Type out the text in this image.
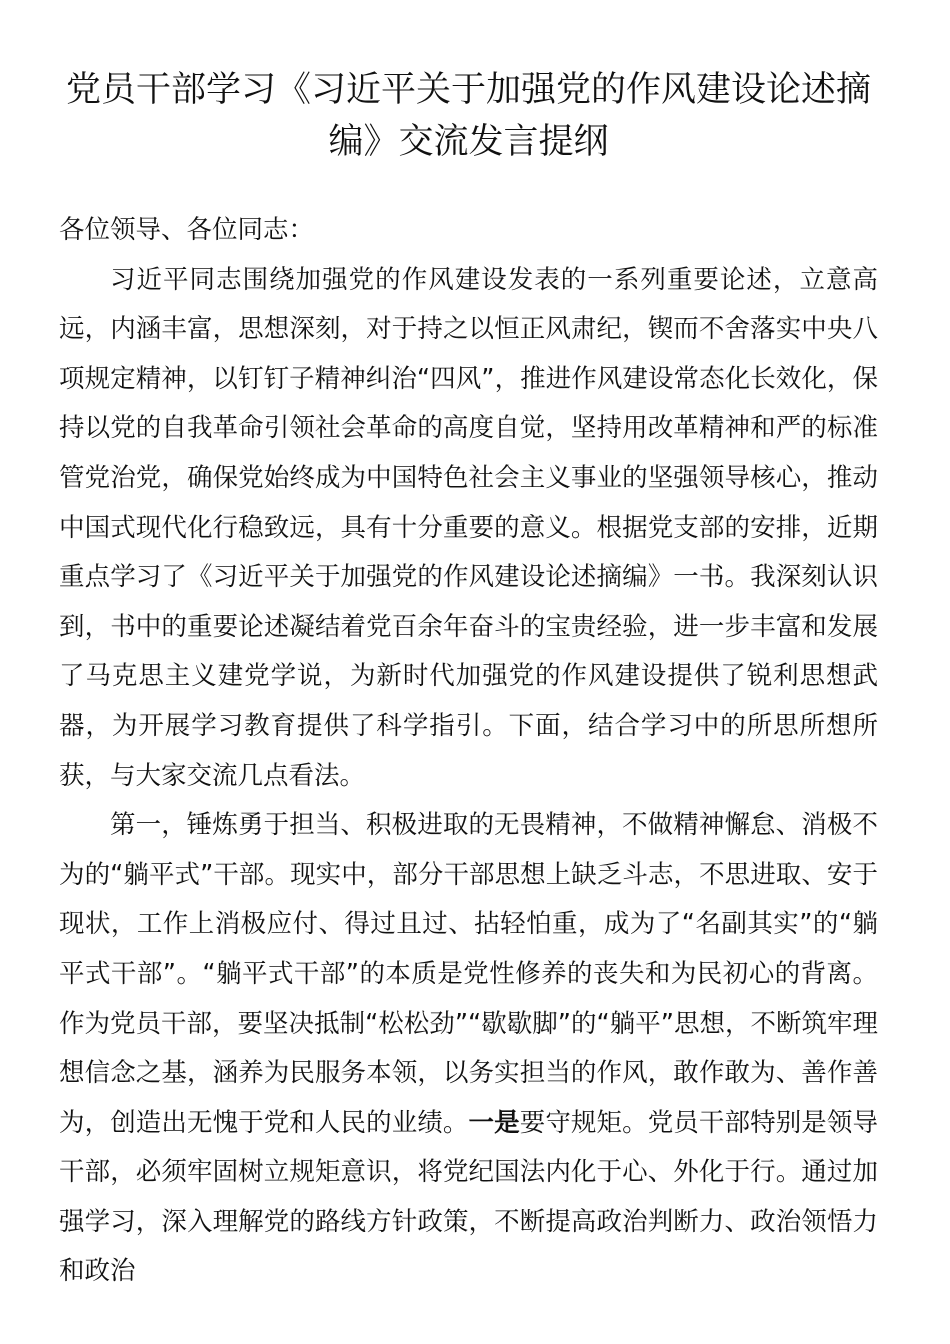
党员干部学习《习近平关于加强党的作风建设论述摘编》交流发言提纲

各位领导、各位同志：

习近平同志围绕加强党的作风建设发表的一系列重要论述，立意高远，内涵丰富，思想深刻，对于持之以恒正风肃纪，锲而不舍落实中央八项规定精神，以钉钉子精神纠治“四风”，推进作风建设常态化长效化，保持以党的自我革命引领社会革命的高度自觉，坚持用改革精神和严的标准管党治党，确保党始终成为中国特色社会主义事业的坚强领导核心，推动中国式现代化行稳致远，具有十分重要的意义。根据党支部的安排，近期重点学习了《习近平关于加强党的作风建设论述摘编》一书。我深刻认识到，书中的重要论述凝结着党百余年奋斗的宝贵经验，进一步丰富和发展了马克思主义建党学说，为新时代加强党的作风建设提供了锐利思想武器，为开展学习教育提供了科学指引。下面，结合学习中的所思所想所获，与大家交流几点看法。

第一，锤炼勇于担当、积极进取的无畏精神，不做精神懈怠、消极不为的“躺平式”干部。现实中，部分干部思想上缺乏斗志，不思进取、安于现状，工作上消极应付、得过且过、拈轻怕重，成为了“名副其实”的“躺平式干部”。“躺平式干部”的本质是党性修养的丧失和为民初心的背离。作为党员干部，要坚决抵制“松松劲”“歇歇脚”的“躺平”思想，不断筑牢理想信念之基，涵养为民服务本领，以务实担当的作风，敢作敢为、善作善为，创造出无愧于党和人民的业绩。一是要守规矩。党员干部特别是领导干部，必须牢固树立规矩意识，将党纪国法内化于心、外化于行。通过加强学习，深入理解党的路线方针政策，不断提高政治判断力、政治领悟力和政治
